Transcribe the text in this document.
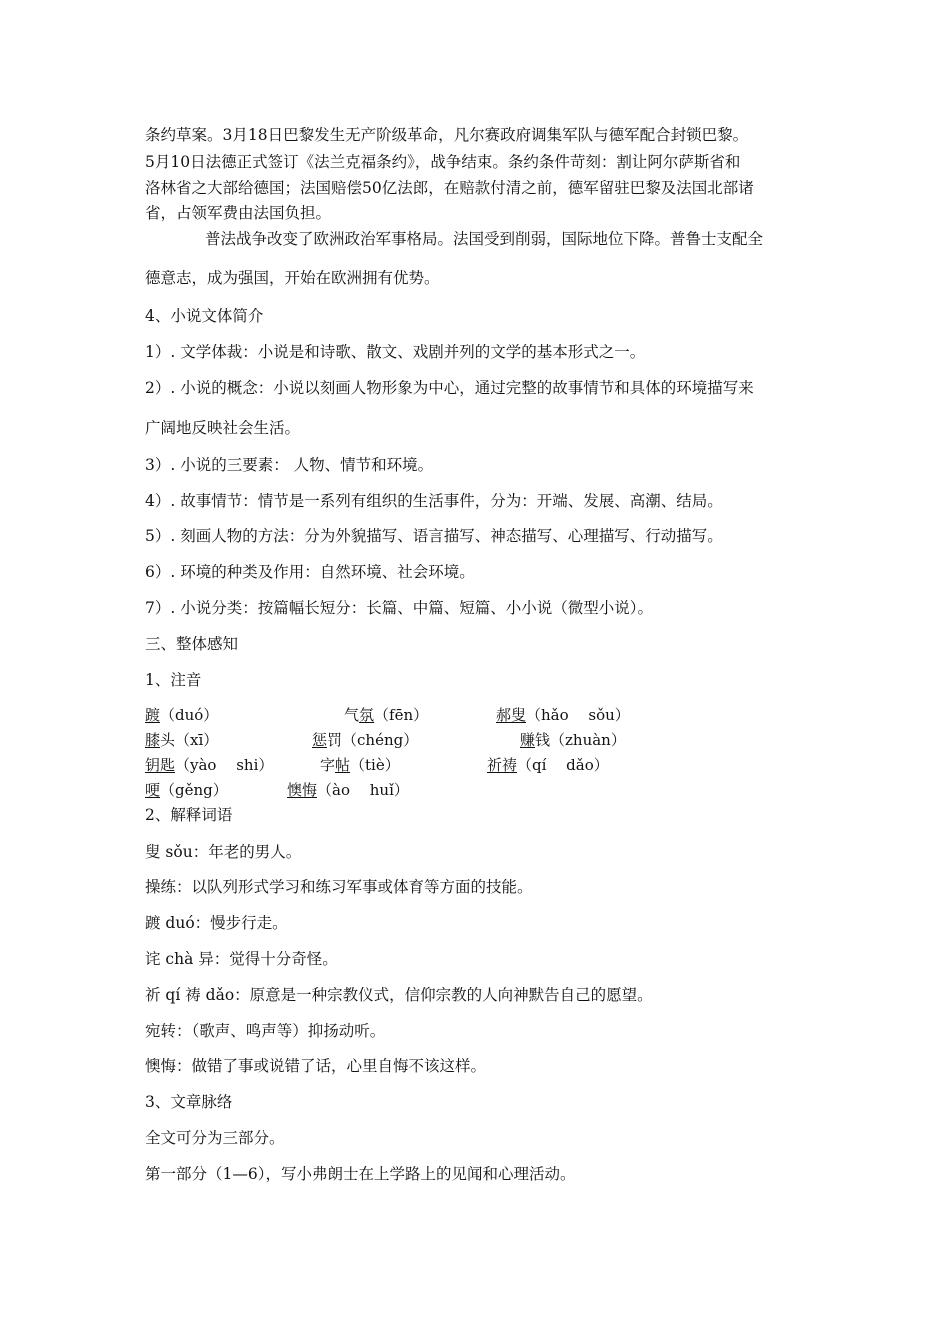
条约草案。3月18日巴黎发生无产阶级革命，凡尔赛政府调集军队与德军配合封锁巴黎。
5月10日法德正式签订《法兰克福条约》，战争结束。条约条件苛刻：割让阿尔萨斯省和
洛林省之大部给德国；法国赔偿50亿法郎，在赔款付清之前，德军留驻巴黎及法国北部诸
省，占领军费由法国负担。
普法战争改变了欧洲政治军事格局。法国受到削弱，国际地位下降。普鲁士支配全
德意志，成为强国，开始在欧洲拥有优势。
4、小说文体简介
1）. 文学体裁：小说是和诗歌、散文、戏剧并列的文学的基本形式之一。
2）. 小说的概念：小说以刻画人物形象为中心，通过完整的故事情节和具体的环境描写来
广阔地反映社会生活。
3）. 小说的三要素： 人物、情节和环境。
4）. 故事情节：情节是一系列有组织的生活事件，分为：开端、发展、高潮、结局。
5）. 刻画人物的方法：分为外貌描写、语言描写、神态描写、心理描写、行动描写。
6）. 环境的种类及作用：自然环境、社会环境。
7）. 小说分类：按篇幅长短分：长篇、中篇、短篇、小小说（微型小说）。
三、整体感知
1、注音
踱（duó）	气氛（fēn）	郝叟（hǎo　 sǒu）
膝头（xī）	惩罚（chéng）	赚钱（zhuàn）
钥匙（yào　 shi）	字帖（tiè）	祈祷（qí　 dǎo）
哽（gěng）	懊悔（ào　 huǐ）
2、解释词语
叟 sǒu：年老的男人。
操练：以队列形式学习和练习军事或体育等方面的技能。
踱 duó：慢步行走。
诧 chà 异：觉得十分奇怪。
祈 qí 祷 dǎo：原意是一种宗教仪式，信仰宗教的人向神默告自己的愿望。
宛转：（歌声、鸣声等）抑扬动听。
懊悔：做错了事或说错了话，心里自悔不该这样。
3、文章脉络
全文可分为三部分。
第一部分（1—6），写小弗朗士在上学路上的见闻和心理活动。
